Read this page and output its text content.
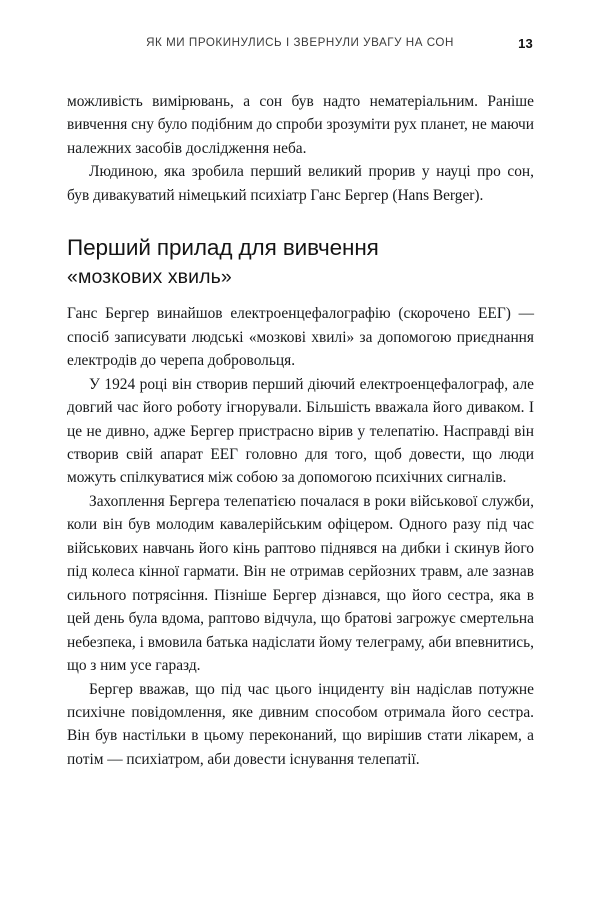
ЯК МИ ПРОКИНУЛИСЬ І ЗВЕРНУЛИ УВАГУ НА СОН	13

можливість вимірювань, а сон був надто нематеріальним. Раніше вивчення сну було подібним до спроби зрозуміти рух планет, не маючи належних засобів дослідження неба.

Людиною, яка зробила перший великий прорив у науці про сон, був дивакуватий німецький психіатр Ганс Бергер (Hans Berger).

Перший прилад для вивчення
«мозкових хвиль»

Ганс Бергер винайшов електроенцефалографію (скорочено ЕЕГ) — спосіб записувати людські «мозкові хвилі» за допомогою приєднання електродів до черепа добровольця.

У 1924 році він створив перший діючий електроенцефалограф, але довгий час його роботу ігнорували. Більшість вважала його диваком. І це не дивно, адже Бергер пристрасно вірив у телепатію. Насправді він створив свій апарат ЕЕГ головно для того, щоб довести, що люди можуть спілкуватися між собою за допомогою психічних сигналів.

Захоплення Бергера телепатією почалася в роки військової служби, коли він був молодим кавалерійським офіцером. Одного разу під час військових навчань його кінь раптово піднявся на дибки і скинув його під колеса кінної гармати. Він не отримав серйозних травм, але зазнав сильного потрясіння. Пізніше Бергер дізнався, що його сестра, яка в цей день була вдома, раптово відчула, що братові загрожує смертельна небезпека, і вмовила батька надіслати йому телеграму, аби впевнитись, що з ним усе гаразд.

Бергер вважав, що під час цього інциденту він надіслав потужне психічне повідомлення, яке дивним способом отримала його сестра. Він був настільки в цьому переконаний, що вирішив стати лікарем, а потім — психіатром, аби довести існування телепатії.
